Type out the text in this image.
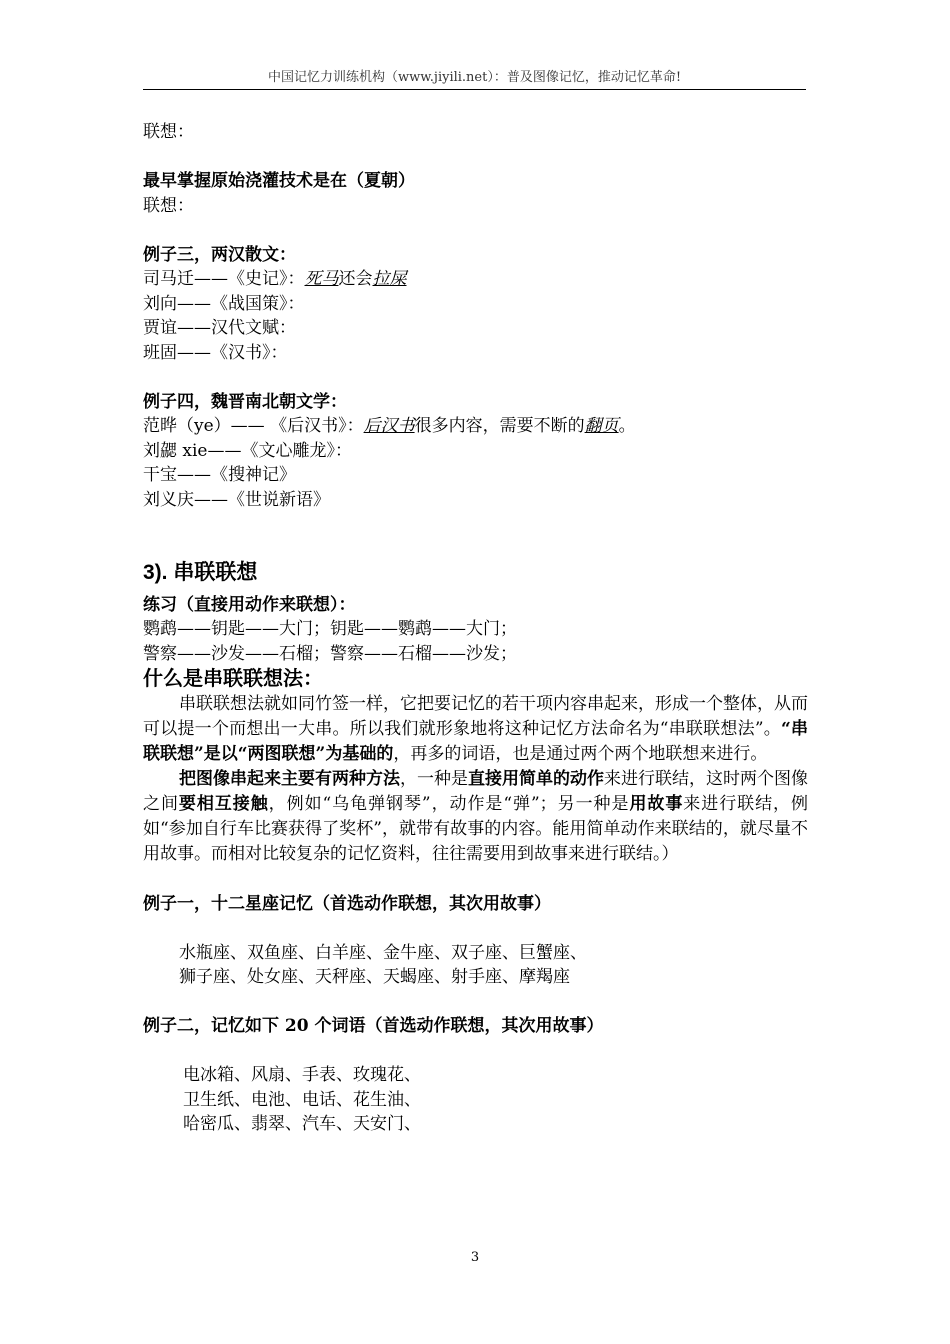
中国记忆力训练机构（www.jiyili.net）：普及图像记忆，推动记忆革命!
联想：
最早掌握原始浇灌技术是在（夏朝）
联想：
例子三，两汉散文：
司马迁——《史记》：死马还会拉屎
刘向——《战国策》：
贾谊——汉代文赋：
班固——《汉书》：
例子四，魏晋南北朝文学：
范晔（ye）—— 《后汉书》：后汉书很多内容，需要不断的翻页。
刘勰 xie——《文心雕龙》：
干宝——《搜神记》
刘义庆——《世说新语》
3). 串联联想
练习（直接用动作来联想）：
鹦鹉——钥匙——大门；钥匙——鹦鹉——大门；
警察——沙发——石榴；警察——石榴——沙发；
什么是串联联想法：

串联联想法就如同竹签一样，它把要记忆的若干项内容串起来，形成一个整体，从而可以提一个而想出一大串。所以我们就形象地将这种记忆方法命名为“串联联想法”。“串联联想”是以“两图联想”为基础的，再多的词语，也是通过两个两个地联想来进行。

把图像串起来主要有两种方法，一种是直接用简单的动作来进行联结，这时两个图像之间要相互接触，例如“乌龟弹钢琴”，动作是“弹”；另一种是用故事来进行联结，例如“参加自行车比赛获得了奖杯”，就带有故事的内容。能用简单动作来联结的，就尽量不用故事。而相对比较复杂的记忆资料，往往需要用到故事来进行联结。）

例子一，十二星座记忆（首选动作联想，其次用故事）
水瓶座、双鱼座、白羊座、金牛座、双子座、巨蟹座、
狮子座、处女座、天秤座、天蝎座、射手座、摩羯座
例子二，记忆如下 20 个词语（首选动作联想，其次用故事）
电冰箱、风扇、手表、玫瑰花、
卫生纸、电池、电话、花生油、
哈密瓜、翡翠、汽车、天安门、
3
